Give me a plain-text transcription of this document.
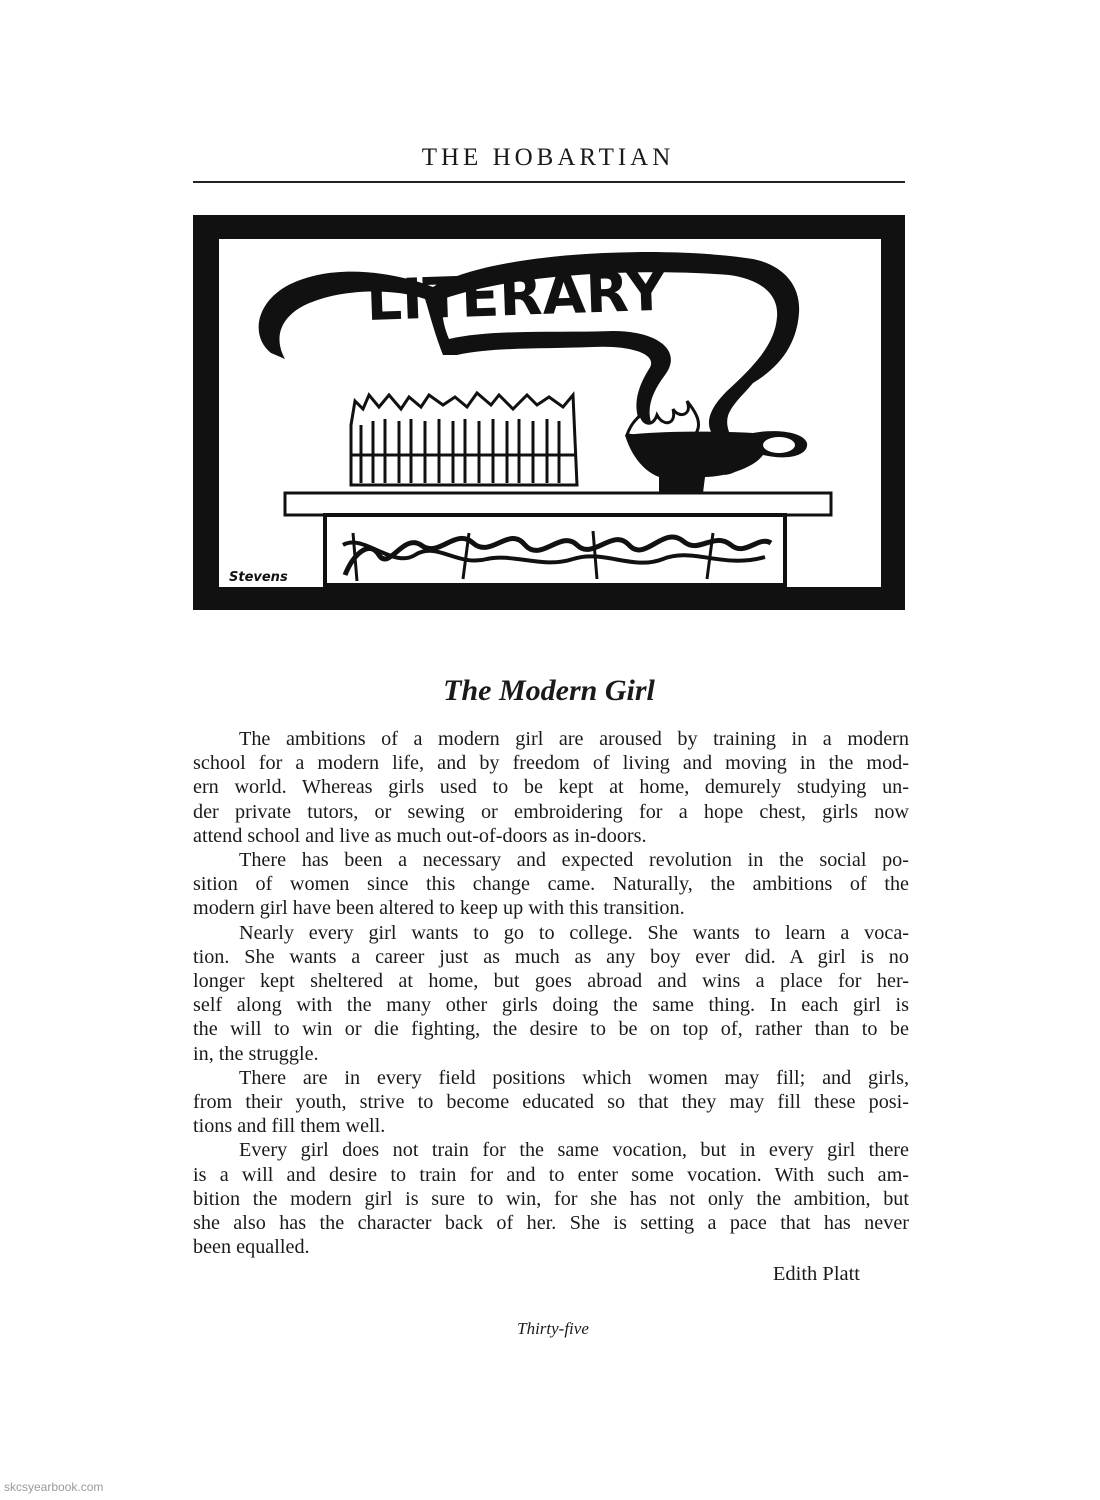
THE HOBARTIAN
LITERARY
Stevens
The Modern Girl

The ambitions of a modern girl are aroused by training in a modern
school for a modern life, and by freedom of living and moving in the mod-
ern world. Whereas girls used to be kept at home, demurely studying un-
der private tutors, or sewing or embroidering for a hope chest, girls now
attend school and live as much out-of-doors as in-doors.

There has been a necessary and expected revolution in the social po-
sition of women since this change came. Naturally, the ambitions of the
modern girl have been altered to keep up with this transition.

Nearly every girl wants to go to college. She wants to learn a voca-
tion. She wants a career just as much as any boy ever did. A girl is no
longer kept sheltered at home, but goes abroad and wins a place for her-
self along with the many other girls doing the same thing. In each girl is
the will to win or die fighting, the desire to be on top of, rather than to be
in, the struggle.

There are in every field positions which women may fill; and girls,
from their youth, strive to become educated so that they may fill these posi-
tions and fill them well.

Every girl does not train for the same vocation, but in every girl there
is a will and desire to train for and to enter some vocation. With such am-
bition the modern girl is sure to win, for she has not only the ambition, but
she also has the character back of her. She is setting a pace that has never
been equalled.

Edith Platt
Thirty-five
skcsyearbook.com
